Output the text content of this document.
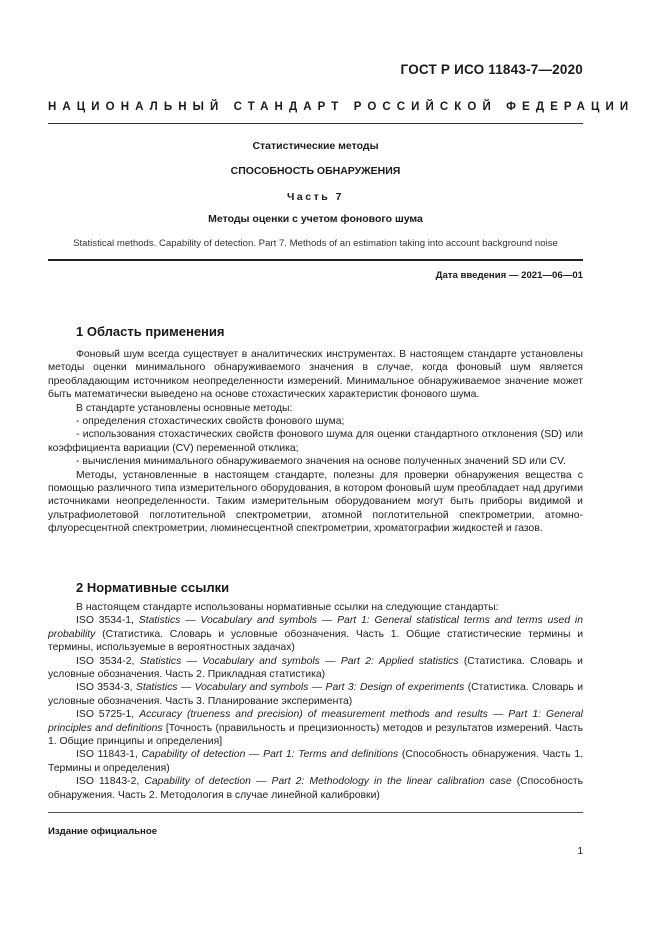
ГОСТ Р ИСО 11843-7—2020
НАЦИОНАЛЬНЫЙ СТАНДАРТ РОССИЙСКОЙ ФЕДЕРАЦИИ
Статистические методы
СПОСОБНОСТЬ ОБНАРУЖЕНИЯ
Часть 7
Методы оценки с учетом фонового шума
Statistical methods. Capability of detection. Part 7. Methods of an estimation taking into account background noise
Дата введения — 2021—06—01
1 Область применения

Фоновый шум всегда существует в аналитических инструментах. В настоящем стандарте установлены методы оценки минимального обнаруживаемого значения в случае, когда фоновый шум является преобладающим источником неопределенности измерений. Минимальное обнаруживаемое значение может быть математически выведено на основе стохастических характеристик фонового шума.

В стандарте установлены основные методы:

- определения стохастических свойств фонового шума;

- использования стохастических свойств фонового шума для оценки стандартного отклонения (SD) или коэффициента вариации (CV) переменной отклика;

- вычисления минимального обнаруживаемого значения на основе полученных значений SD или CV.

Методы, установленные в настоящем стандарте, полезны для проверки обнаружения вещества с помощью различного типа измерительного оборудования, в котором фоновый шум преобладает над другими источниками неопределенности. Таким измерительным оборудованием могут быть приборы видимой и ультрафиолетовой поглотительной спектрометрии, атомной поглотительной спектрометрии, атомно-флуоресцентной спектрометрии, люминесцентной спектрометрии, хроматографии жидкостей и газов.

2 Нормативные ссылки

В настоящем стандарте использованы нормативные ссылки на следующие стандарты:

ISO 3534-1, Statistics — Vocabulary and symbols — Part 1: General statistical terms and terms used in probability (Статистика. Словарь и условные обозначения. Часть 1. Общие статистические термины и термины, используемые в вероятностных задачах)

ISO 3534-2, Statistics — Vocabulary and symbols — Part 2: Applied statistics (Статистика. Словарь и условные обозначения. Часть 2. Прикладная статистика)

ISO 3534-3, Statistics — Vocabulary and symbols — Part 3: Design of experiments (Статистика. Словарь и условные обозначения. Часть 3. Планирование эксперимента)

ISO 5725-1, Accuracy (trueness and precision) of measurement methods and results — Part 1: General principles and definitions [Точность (правильность и прецизионность) методов и результатов измерений. Часть 1. Общие принципы и определения]

ISO 11843-1, Capability of detection — Part 1: Terms and definitions (Способность обнаружения. Часть 1. Термины и определения)

ISO 11843-2, Capability of detection — Part 2: Methodology in the linear calibration case (Способность обнаружения. Часть 2. Методология в случае линейной калибровки)

Издание официальное
1
